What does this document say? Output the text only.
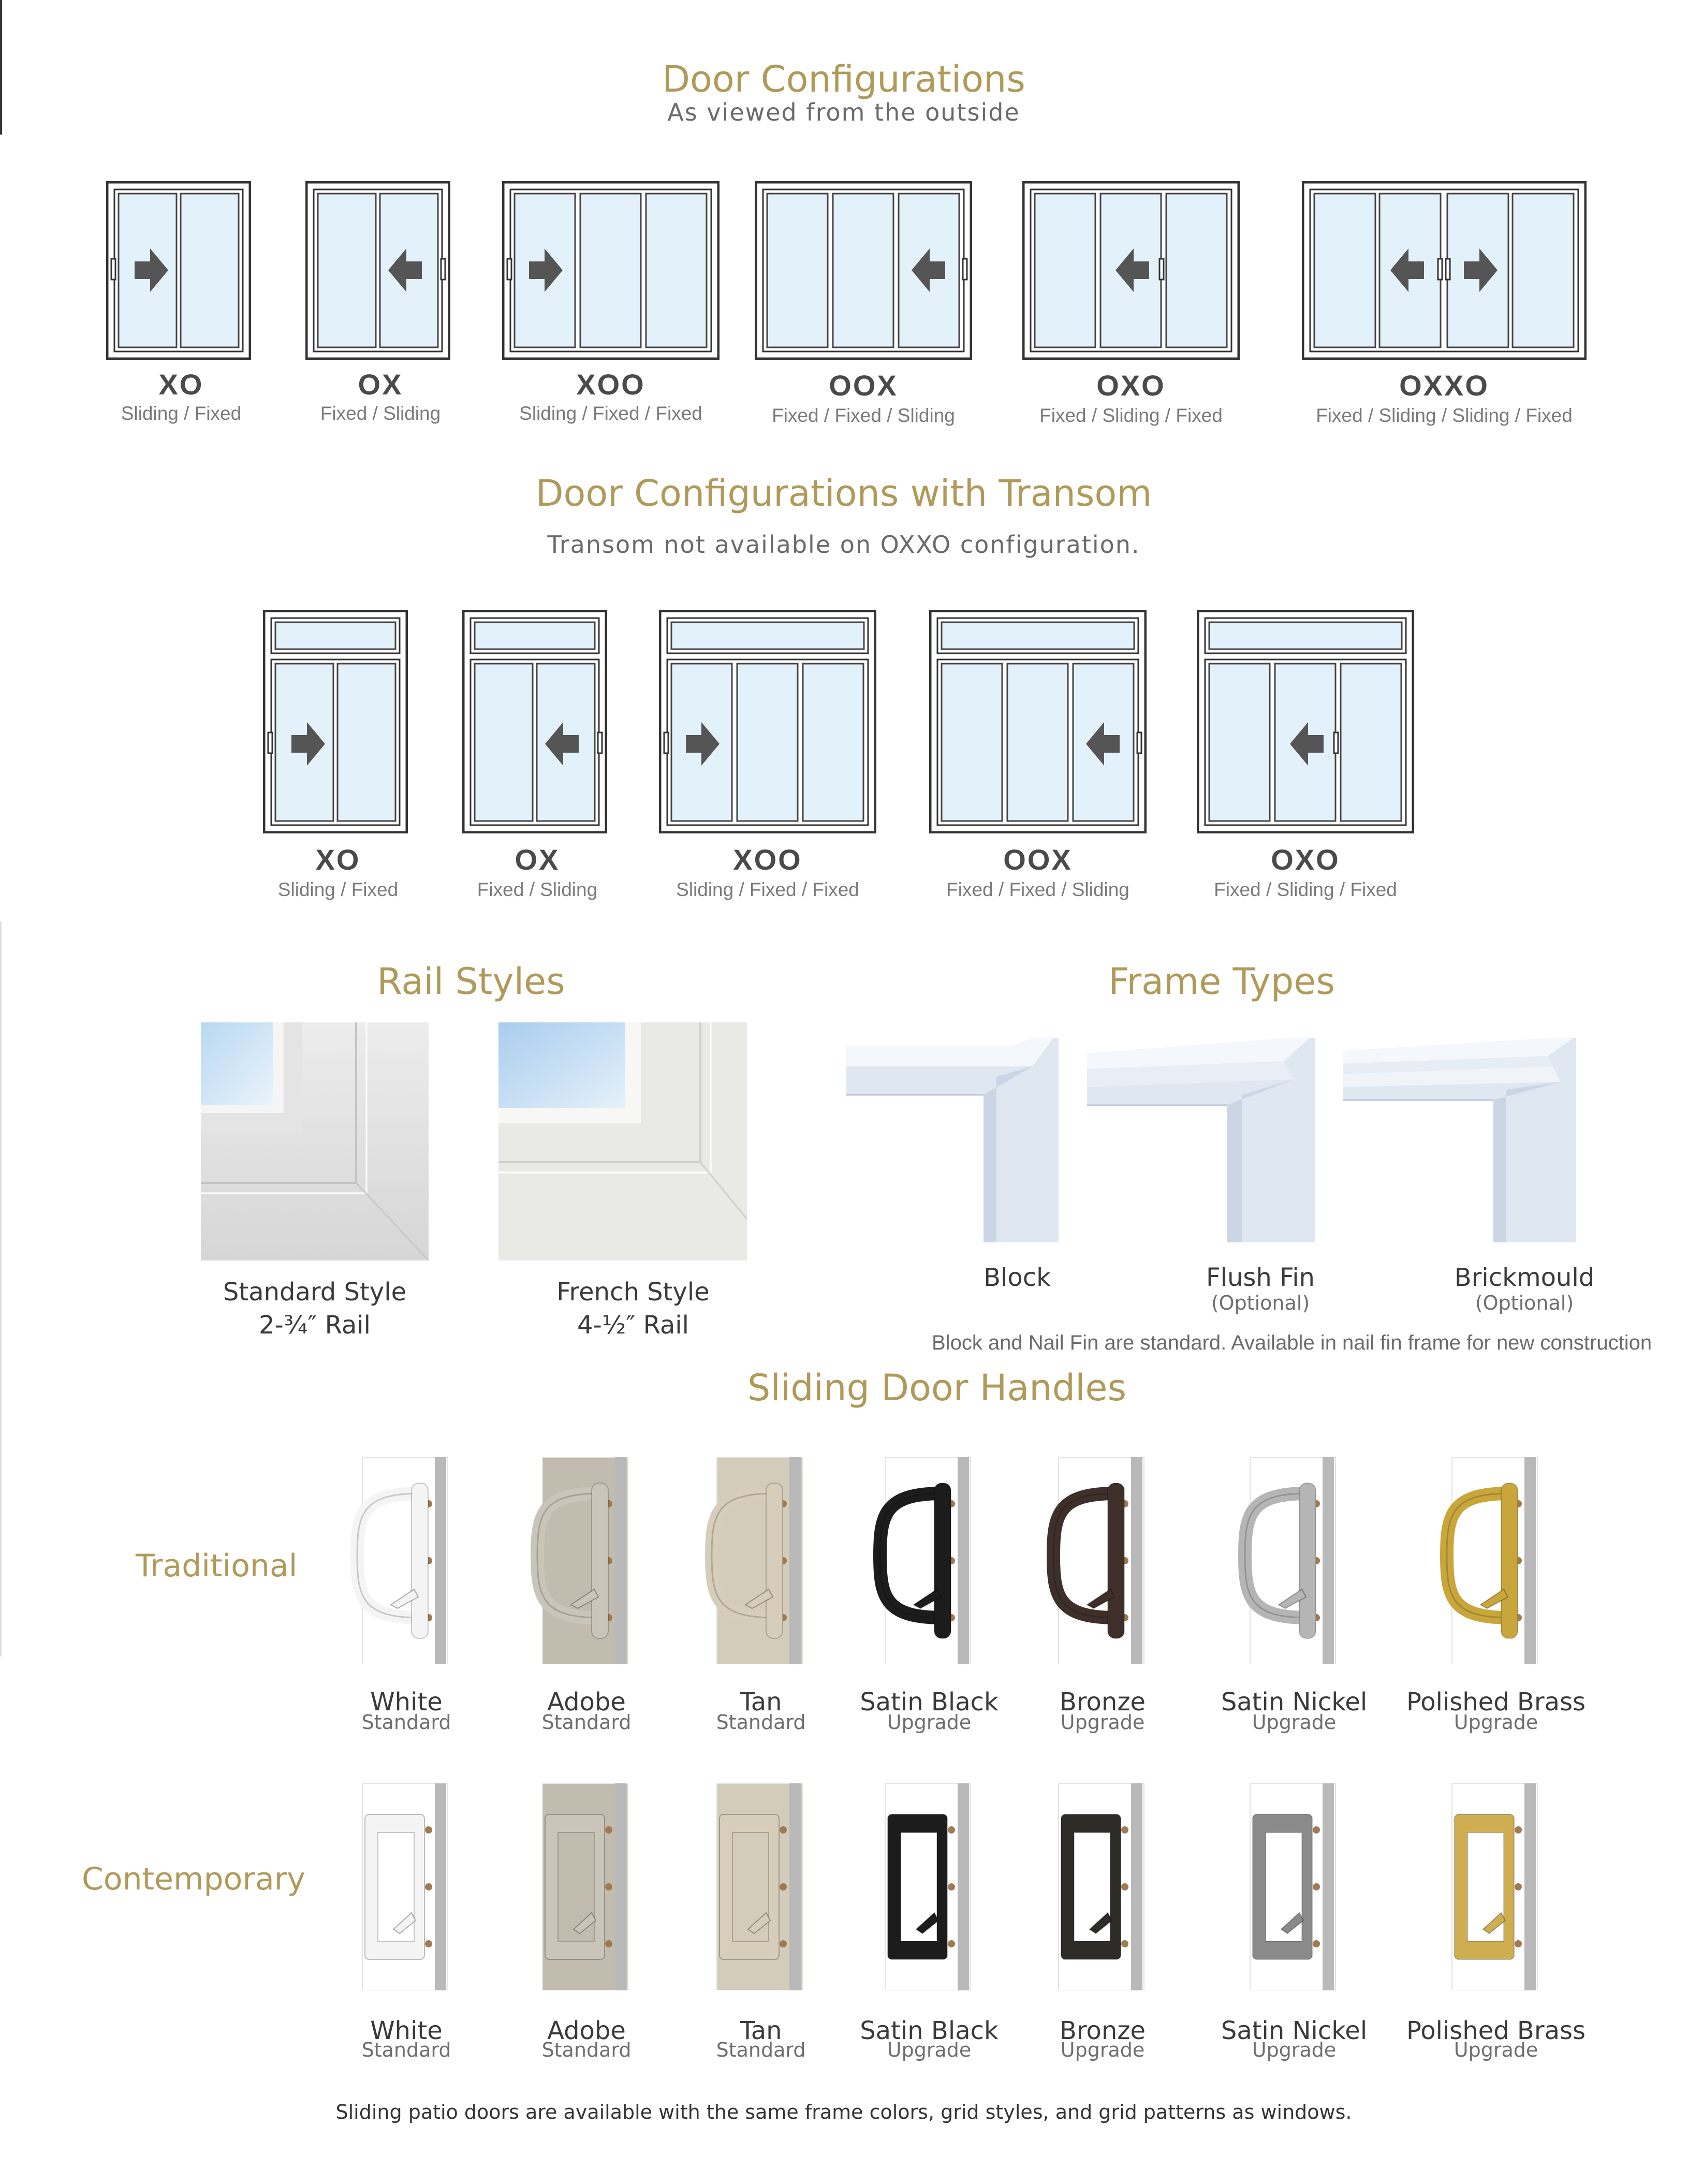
Door Configurations
As viewed from the outside
XO
Sliding / Fixed
OX
Fixed / Sliding
XOO
Sliding / Fixed / Fixed
OOX
Fixed / Fixed / Sliding
OXO
Fixed / Sliding / Fixed
OXXO
Fixed / Sliding / Sliding / Fixed
Door Configurations with Transom
Transom not available on OXXO configuration.
XO
Sliding / Fixed
OX
Fixed / Sliding
XOO
Sliding / Fixed / Fixed
OOX
Fixed / Fixed / Sliding
OXO
Fixed / Sliding / Fixed
Rail Styles
Standard Style
2-¾″ Rail
French Style
4-½″ Rail
Frame Types
Block	Flush Fin
(Optional)
Brickmould
(Optional)
Block and Nail Fin are standard. Available in nail fin frame for new construction
Sliding Door Handles
Traditional
Contemporary
White
Standard
Adobe
Standard
Tan
Standard
Satin Black
Upgrade
Bronze
Upgrade
Satin Nickel
Upgrade
Polished Brass
Upgrade
White
Standard
Adobe
Standard
Tan
Standard
Satin Black
Upgrade
Bronze
Upgrade
Satin Nickel
Upgrade
Polished Brass
Upgrade
Sliding patio doors are available with the same frame colors, grid styles, and grid patterns as windows.
